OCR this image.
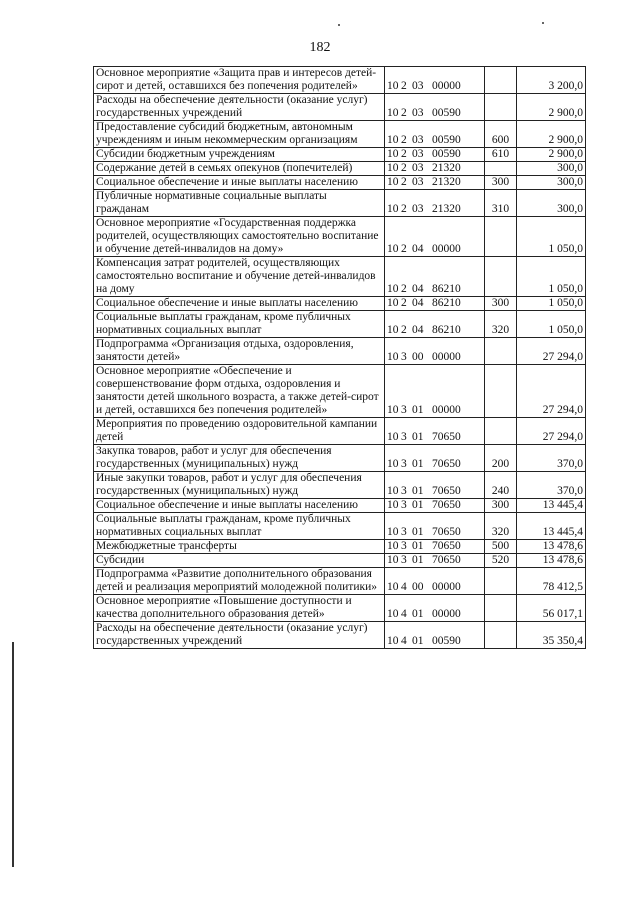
182
Основное мероприятие «Защита прав и интересов детей-сирот и детей, оставшихся без попечения родителей»	10 2 03 00000		3 200,0
Расходы на обеспечение деятельности (оказание услуг) государственных учреждений	10 2 03 00590		2 900,0
Предоставление субсидий бюджетным, автономным учреждениям и иным некоммерческим организациям	10 2 03 00590	600	2 900,0
Субсидии бюджетным учреждениям	10 2 03 00590	610	2 900,0
Содержание детей в семьях опекунов (попечителей)	10 2 03 21320		300,0
Социальное обеспечение и иные выплаты населению	10 2 03 21320	300	300,0
Публичные нормативные социальные выплаты гражданам	10 2 03 21320	310	300,0
Основное мероприятие «Государственная поддержка родителей, осуществляющих самостоятельно воспитание и обучение детей-инвалидов на дому»	10 2 04 00000		1 050,0
Компенсация затрат родителей, осуществляющих самостоятельно воспитание и обучение детей-инвалидов на дому	10 2 04 86210		1 050,0
Социальное обеспечение и иные выплаты населению	10 2 04 86210	300	1 050,0
Социальные выплаты гражданам, кроме публичных нормативных социальных выплат	10 2 04 86210	320	1 050,0
Подпрограмма «Организация отдыха, оздоровления, занятости детей»	10 3 00 00000		27 294,0
Основное мероприятие «Обеспечение и совершенствование форм отдыха, оздоровления и занятости детей школьного возраста, а также детей-сирот и детей, оставшихся без попечения родителей»	10 3 01 00000		27 294,0
Мероприятия по проведению оздоровительной кампании детей	10 3 01 70650		27 294,0
Закупка товаров, работ и услуг для обеспечения государственных (муниципальных) нужд	10 3 01 70650	200	370,0
Иные закупки товаров, работ и услуг для обеспечения государственных (муниципальных) нужд	10 3 01 70650	240	370,0
Социальное обеспечение и иные выплаты населению	10 3 01 70650	300	13 445,4
Социальные выплаты гражданам, кроме публичных нормативных социальных выплат	10 3 01 70650	320	13 445,4
Межбюджетные трансферты	10 3 01 70650	500	13 478,6
Субсидии	10 3 01 70650	520	13 478,6
Подпрограмма «Развитие дополнительного образования детей и реализация мероприятий молодежной политики»	10 4 00 00000		78 412,5
Основное мероприятие «Повышение доступности и качества дополнительного образования детей»	10 4 01 00000		56 017,1
Расходы на обеспечение деятельности (оказание услуг) государственных учреждений	10 4 01 00590		35 350,4
